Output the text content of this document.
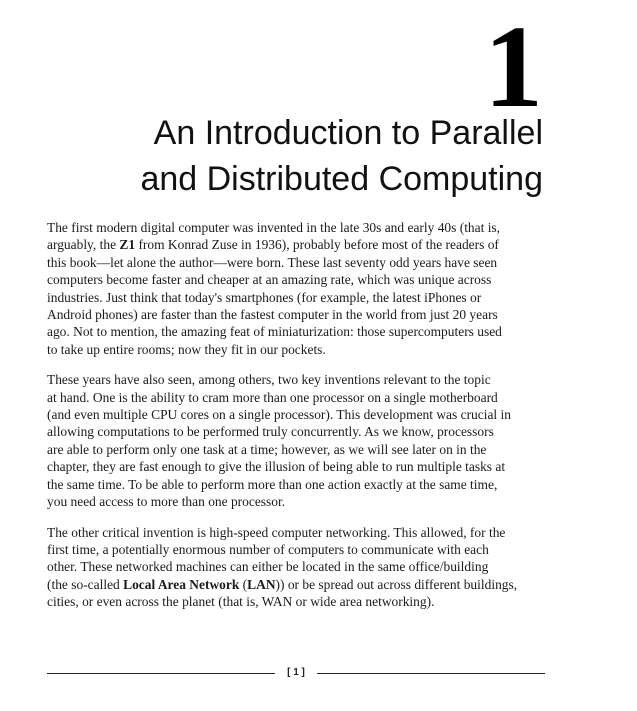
1
An Introduction to Parallel
and Distributed Computing

The first modern digital computer was invented in the late 30s and early 40s (that is,
arguably, the Z1 from Konrad Zuse in 1936), probably before most of the readers of
this book—let alone the author—were born. These last seventy odd years have seen
computers become faster and cheaper at an amazing rate, which was unique across
industries. Just think that today's smartphones (for example, the latest iPhones or
Android phones) are faster than the fastest computer in the world from just 20 years
ago. Not to mention, the amazing feat of miniaturization: those supercomputers used
to take up entire rooms; now they fit in our pockets.

These years have also seen, among others, two key inventions relevant to the topic
at hand. One is the ability to cram more than one processor on a single motherboard
(and even multiple CPU cores on a single processor). This development was crucial in
allowing computations to be performed truly concurrently. As we know, processors
are able to perform only one task at a time; however, as we will see later on in the
chapter, they are fast enough to give the illusion of being able to run multiple tasks at
the same time. To be able to perform more than one action exactly at the same time,
you need access to more than one processor.

The other critical invention is high-speed computer networking. This allowed, for the
first time, a potentially enormous number of computers to communicate with each
other. These networked machines can either be located in the same office/building
(the so-called Local Area Network (LAN)) or be spread out across different buildings,
cities, or even across the planet (that is, WAN or wide area networking).

[ 1 ]
